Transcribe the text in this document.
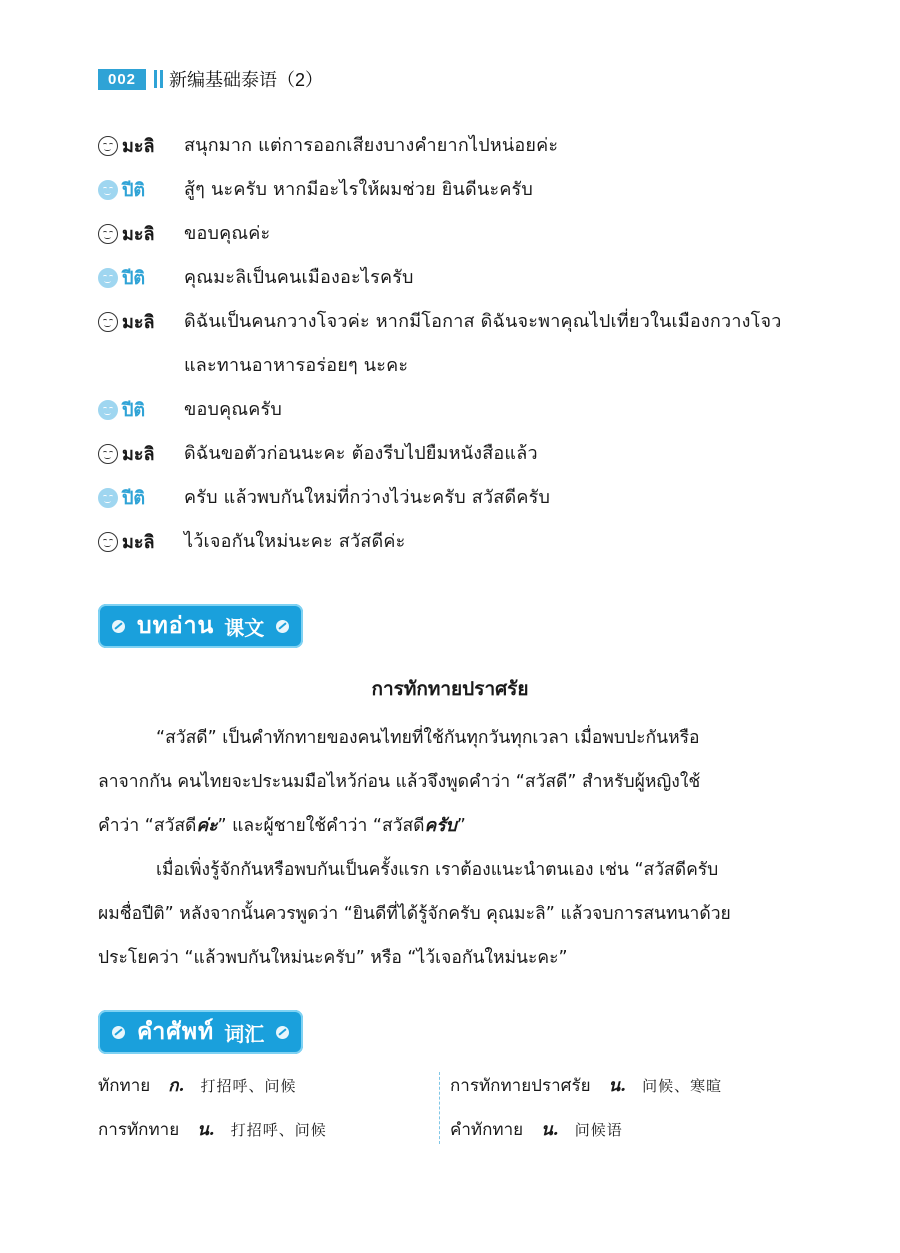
002	新编基础泰语（2）
มะลิ สนุกมาก แต่การออกเสียงบางคำยากไปหน่อยค่ะ
ปีติ สู้ๆ นะครับ หากมีอะไรให้ผมช่วย ยินดีนะครับ
มะลิ ขอบคุณค่ะ
ปีติ คุณมะลิเป็นคนเมืองอะไรครับ
มะลิ ดิฉันเป็นคนกวางโจวค่ะ หากมีโอกาส ดิฉันจะพาคุณไปเที่ยวในเมืองกวางโจว
และทานอาหารอร่อยๆ นะคะ
ปีติ ขอบคุณครับ
มะลิ ดิฉันขอตัวก่อนนะคะ ต้องรีบไปยืมหนังสือแล้ว
ปีติ ครับ แล้วพบกันใหม่ที่กว่างไว่นะครับ สวัสดีครับ
มะลิ ไว้เจอกันใหม่นะคะ สวัสดีค่ะ
บทอ่าน 课文
การทักทายปราศรัย
“สวัสดี” เป็นคำทักทายของคนไทยที่ใช้กันทุกวันทุกเวลา เมื่อพบปะกันหรือ
ลาจากกัน คนไทยจะประนมมือไหว้ก่อน แล้วจึงพูดคำว่า “สวัสดี” สำหรับผู้หญิงใช้
คำว่า “สวัสดีค่ะ” และผู้ชายใช้คำว่า “สวัสดีครับ”
เมื่อเพิ่งรู้จักกันหรือพบกันเป็นครั้งแรก เราต้องแนะนำตนเอง เช่น “สวัสดีครับ
ผมชื่อปีติ” หลังจากนั้นควรพูดว่า “ยินดีที่ได้รู้จักครับ คุณมะลิ” แล้วจบการสนทนาด้วย
ประโยคว่า “แล้วพบกันใหม่นะครับ” หรือ “ไว้เจอกันใหม่นะคะ”
คำศัพท์ 词汇
ทักทาย ก. 打招呼、问候
การทักทาย น. 打招呼、问候
การทักทายปราศรัย น. 问候、寒暄
คำทักทาย น. 问候语
